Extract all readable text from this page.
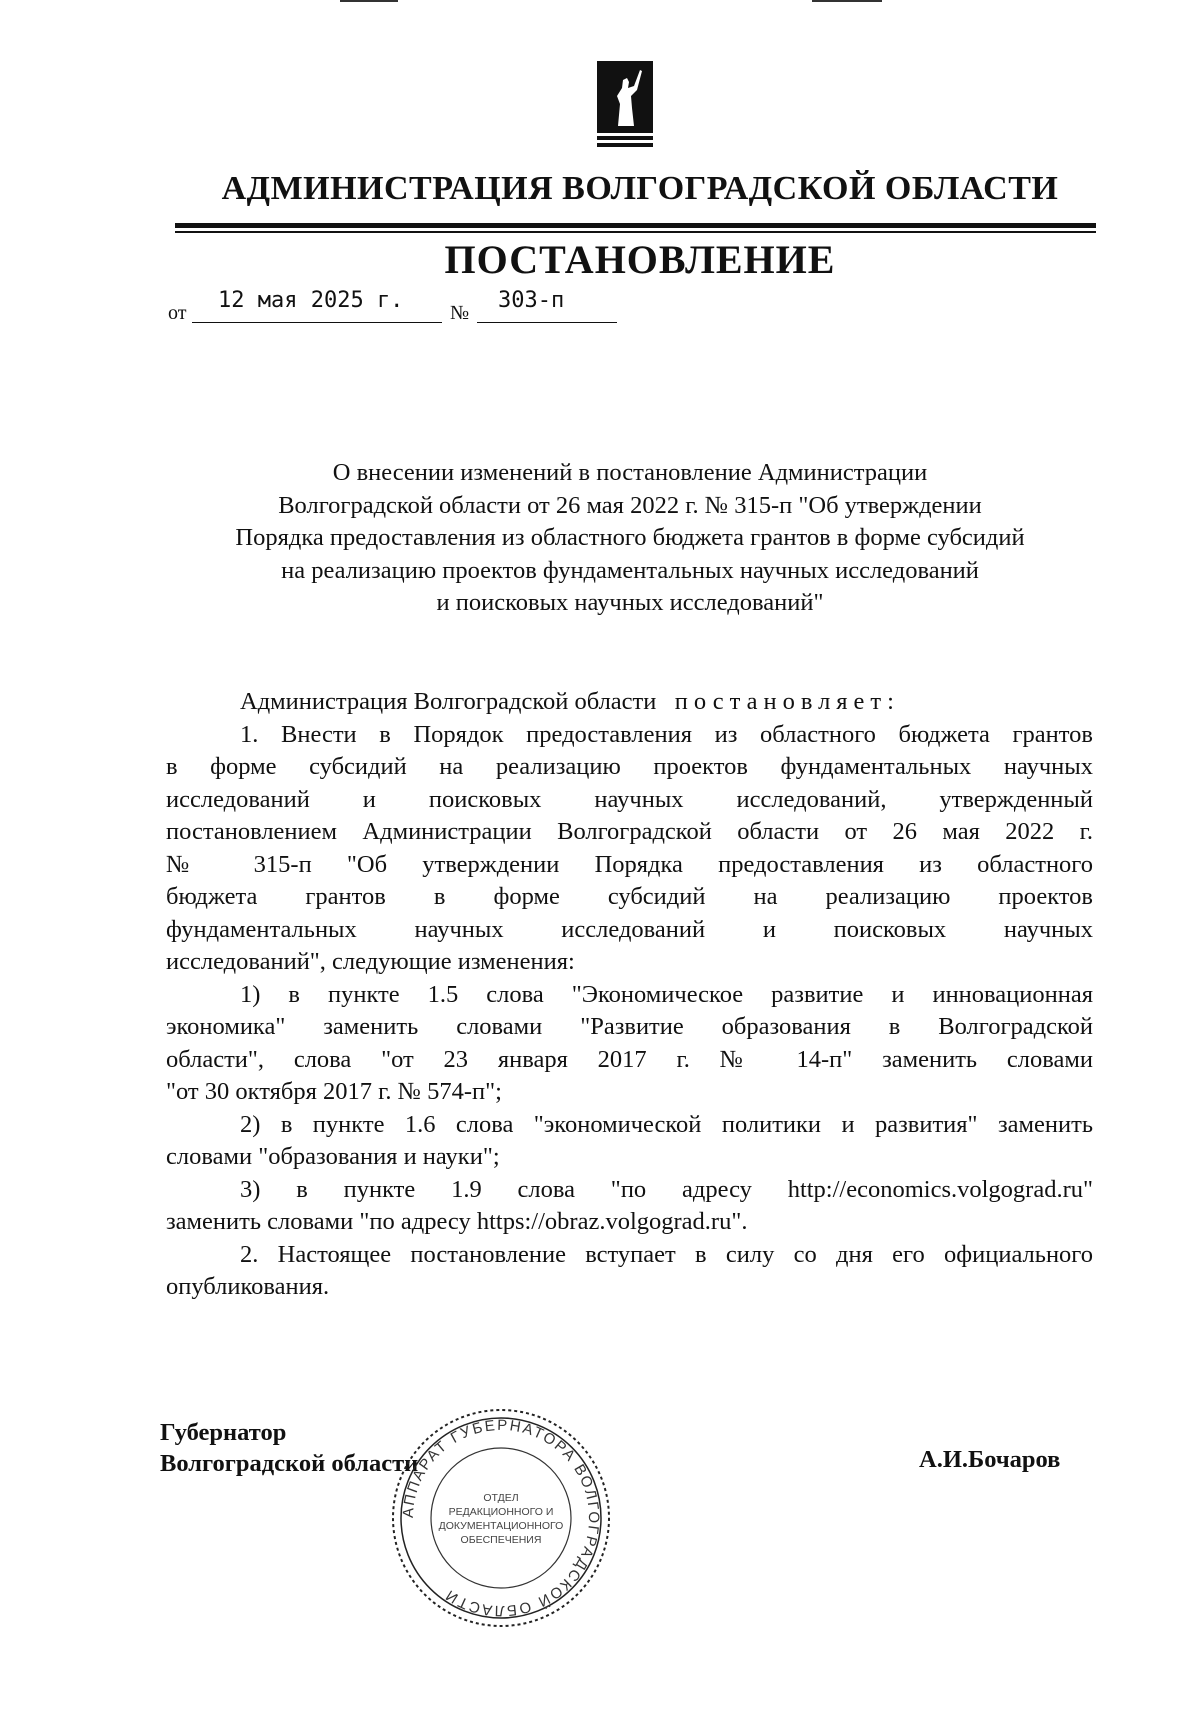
АДМИНИСТРАЦИЯ ВОЛГОГРАДСКОЙ ОБЛАСТИ
ПОСТАНОВЛЕНИЕ
от 12 мая 2025 г. № 303-п
О внесении изменений в постановление Администрации
Волгоградской области от 26 мая 2022 г. № 315-п "Об утверждении
Порядка предоставления из областного бюджета грантов в форме субсидий
на реализацию проектов фундаментальных научных исследований
и поисковых научных исследований"
Администрация Волгоградской области постановляет:
1. Внести в Порядок предоставления из областного бюджета грантов
в форме субсидий на реализацию проектов фундаментальных научных
исследований и поисковых научных исследований, утвержденный
постановлением Администрации Волгоградской области от 26 мая 2022 г.
№ 315-п "Об утверждении Порядка предоставления из областного
бюджета грантов в форме субсидий на реализацию проектов
фундаментальных научных исследований и поисковых научных
исследований", следующие изменения:
1) в пункте 1.5 слова "Экономическое развитие и инновационная
экономика" заменить словами "Развитие образования в Волгоградской
области", слова "от 23 января 2017 г. № 14-п" заменить словами
"от 30 октября 2017 г. № 574-п";
2) в пункте 1.6 слова "экономической политики и развития" заменить
словами "образования и науки";
3) в пункте 1.9 слова "по адресу http://economics.volgograd.ru"
заменить словами "по адресу https://obraz.volgograd.ru".
2. Настоящее постановление вступает в силу со дня его официального
опубликования.
Губернатор
Волгоградской области	А.И.Бочаров
АППАРАТ ГУБЕРНАТОРА ВОЛГОГРАДСКОЙ ОБЛАСТИ
ОТДЕЛ
РЕДАКЦИОННОГО И
ДОКУМЕНТАЦИОННОГО
ОБЕСПЕЧЕНИЯ
